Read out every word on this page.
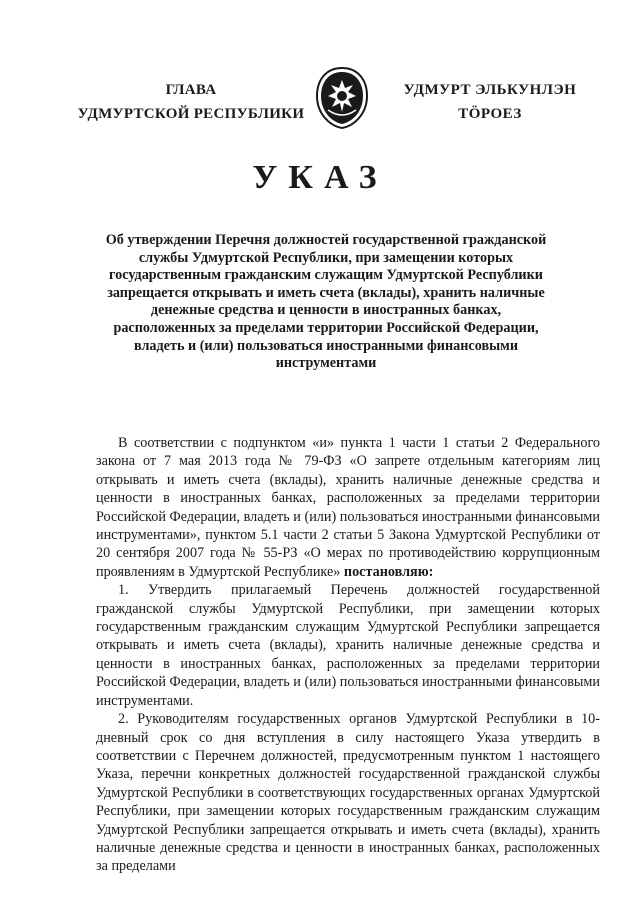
ГЛАВА
УДМУРТСКОЙ РЕСПУБЛИКИ
УДМУРТ ЭЛЬКУНЛЭН
ТӦРОЕЗ
УКАЗ
Об утверждении Перечня должностей государственной гражданской службы Удмуртской Республики, при замещении которых государственным гражданским служащим Удмуртской Республики запрещается открывать и иметь счета (вклады), хранить наличные денежные средства и ценности в иностранных банках, расположенных за пределами территории Российской Федерации, владеть и (или) пользоваться иностранными финансовыми инструментами

В соответствии с подпунктом «и» пункта 1 части 1 статьи 2 Федерального закона от 7 мая 2013 года № 79-ФЗ «О запрете отдельным категориям лиц открывать и иметь счета (вклады), хранить наличные денежные средства и ценности в иностранных банках, расположенных за пределами территории Российской Федерации, владеть и (или) пользоваться иностранными финансовыми инструментами», пунктом 5.1 части 2 статьи 5 Закона Удмуртской Республики от 20 сентября 2007 года № 55-РЗ «О мерах по противодействию коррупционным проявлениям в Удмуртской Республике» постановляю:

1. Утвердить прилагаемый Перечень должностей государственной гражданской службы Удмуртской Республики, при замещении которых государственным гражданским служащим Удмуртской Республики запрещается открывать и иметь счета (вклады), хранить наличные денежные средства и ценности в иностранных банках, расположенных за пределами территории Российской Федерации, владеть и (или) пользоваться иностранными финансовыми инструментами.

2. Руководителям государственных органов Удмуртской Республики в 10-дневный срок со дня вступления в силу настоящего Указа утвердить в соответствии с Перечнем должностей, предусмотренным пунктом 1 настоящего Указа, перечни конкретных должностей государственной гражданской службы Удмуртской Республики в соответствующих государственных органах Удмуртской Республики, при замещении которых государственным гражданским служащим Удмуртской Республики запрещается открывать и иметь счета (вклады), хранить наличные денежные средства и ценности в иностранных банках, расположенных за пределами
